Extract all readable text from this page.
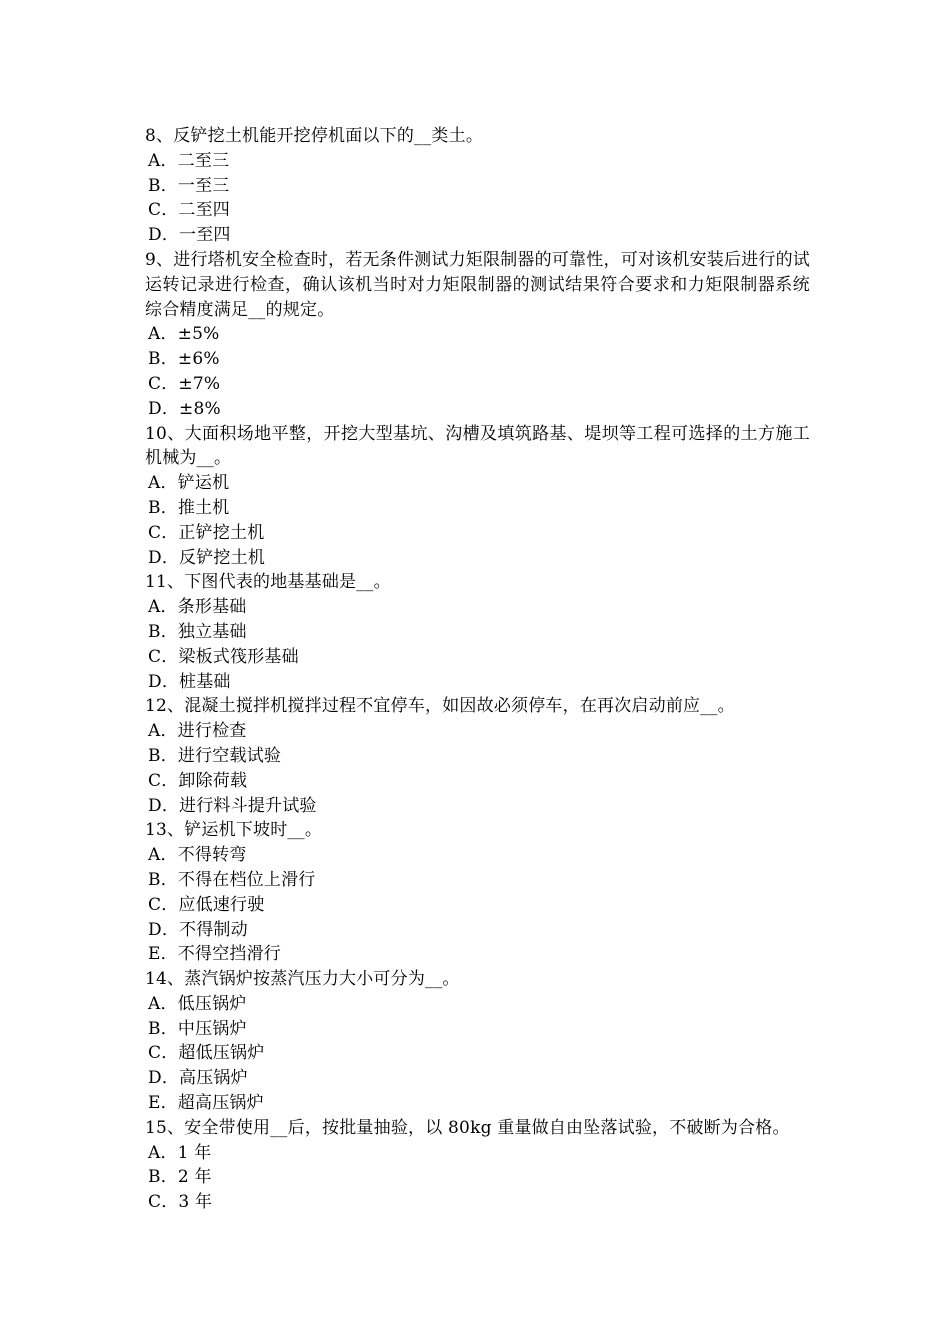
8、反铲挖土机能开挖停机面以下的__类土。
A．二至三
B．一至三
C．二至四
D．一至四
9、进行塔机安全检查时，若无条件测试力矩限制器的可靠性，可对该机安装后进行的试运转记录进行检查，确认该机当时对力矩限制器的测试结果符合要求和力矩限制器系统综合精度满足__的规定。
A．±5%
B．±6%
C．±7%
D．±8%
10、大面积场地平整，开挖大型基坑、沟槽及填筑路基、堤坝等工程可选择的土方施工机械为__。
A．铲运机
B．推土机
C．正铲挖土机
D．反铲挖土机
11、下图代表的地基基础是__。
A．条形基础
B．独立基础
C．梁板式筏形基础
D．桩基础
12、混凝土搅拌机搅拌过程不宜停车，如因故必须停车，在再次启动前应__。
A．进行检查
B．进行空载试验
C．卸除荷载
D．进行料斗提升试验
13、铲运机下坡时__。
A．不得转弯
B．不得在档位上滑行
C．应低速行驶
D．不得制动
E．不得空挡滑行
14、蒸汽锅炉按蒸汽压力大小可分为__。
A．低压锅炉
B．中压锅炉
C．超低压锅炉
D．高压锅炉
E．超高压锅炉
15、安全带使用__后，按批量抽验，以 80kg 重量做自由坠落试验，不破断为合格。
A．1 年
B．2 年
C．3 年
